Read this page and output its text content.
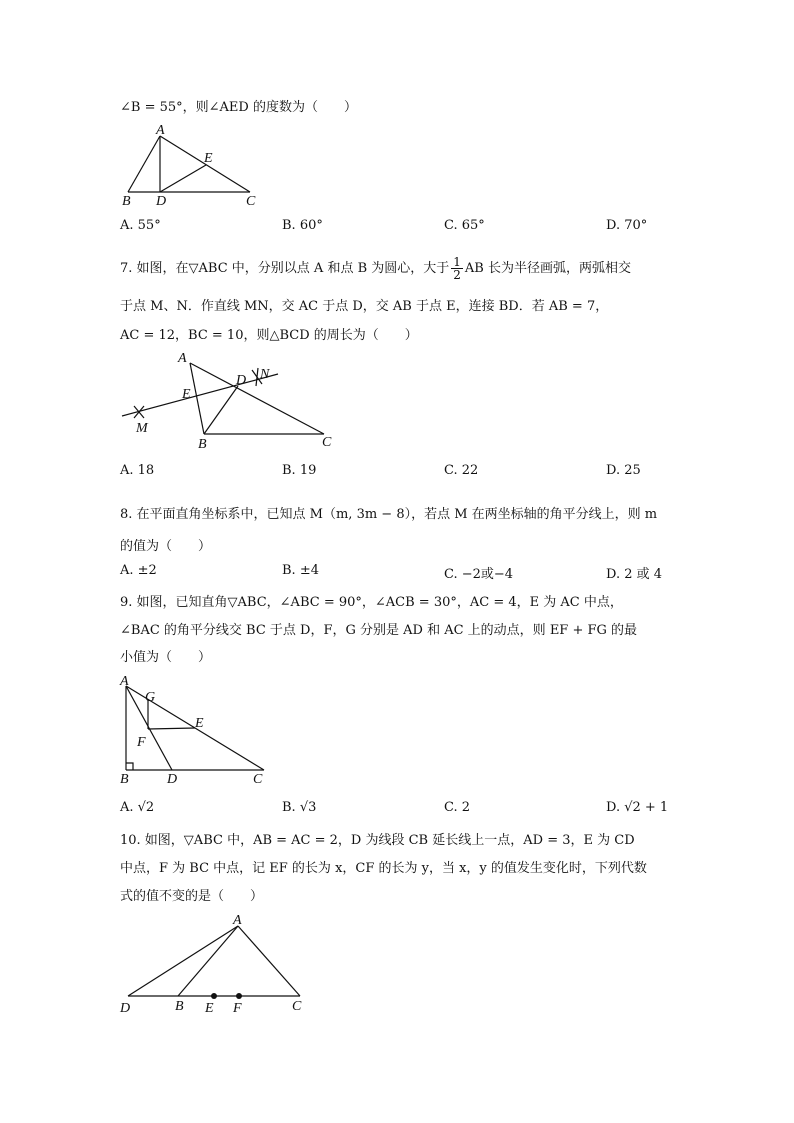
∠B = 55°，则∠AED 的度数为（　　）
A
B D	C
E
A. 55°	B. 60°	C. 65°	D. 70°
7. 如图，在▽ABC 中，分别以点 A 和点 B 为圆心，大于 $\frac{1}{2}$ AB 长为半径画弧，两弧相交
于点 M、N．作直线 MN，交 AC 于点 D，交 AB 于点 E，连接 BD．若 AB = 7，
AC = 12，BC = 10，则△BCD 的周长为（　　）
A
E
D N
M
B	C
A. 18	B. 19	C. 22	D. 25
8. 在平面直角坐标系中，已知点 M（m, 3m − 8），若点 M 在两坐标轴的角平分线上，则 m
的值为（　　）
A. ±2	B. ±4	C. −2或−4	D. 2 或 4
9. 如图，已知直角▽ABC，∠ABC = 90°，∠ACB = 30°，AC = 4，E 为 AC 中点，
∠BAC 的角平分线交 BC 于点 D，F，G 分别是 AD 和 AC 上的动点，则 EF + FG 的最
小值为（　　）
A
G
E
F
B	D	C
A. √2	B. √3	C. 2	D. √2 + 1
10. 如图，▽ABC 中，AB = AC = 2，D 为线段 CB 延长线上一点，AD = 3，E 为 CD
中点，F 为 BC 中点，记 EF 的长为 x，CF 的长为 y，当 x，y 的值发生变化时，下列代数
式的值不变的是（　　）
A
D	B E F	C
